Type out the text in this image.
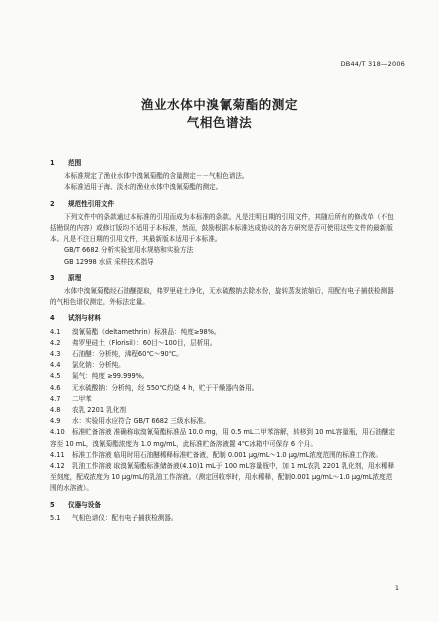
DB44/T 318—2006
渔业水体中溴氰菊酯的测定
气相色谱法
1 范围
本标准规定了渔业水体中溴氰菊酯的含量测定－－气相色谱法。
本标准适用于海、淡水的渔业水体中溴氰菊酯的测定。
2 规范性引用文件
下列文件中的条款通过本标准的引用而成为本标准的条款。凡是注明日期的引用文件，其随后所有的修改单（不包括勘误的内容）或修订版均不适用于本标准，然而，鼓励根据本标准达成协议的各方研究是否可使用这些文件的最新版本。凡是不注日期的引用文件，其最新版本适用于本标准。
GB/T 6682 分析实验室用水规格和实验方法
GB 12998 水质 采样技术指导
3 原理
水体中溴氰菊酯经石油醚提取，弗罗里硅土净化，无水硫酸钠去除水份，旋转蒸发浓缩后，用配有电子捕获检测器的气相色谱仪测定，外标法定量。
4 试剂与材料
4.1 溴氰菊酯（deltamethrin）标准品：纯度≥98%。
4.2 弗罗里硅土（Florisil）：60目～100目，层析用。
4.3 石油醚：分析纯，沸程60℃～90℃。
4.4 氯化钠：分析纯。
4.5 氮气：纯度 ≥99.999%。
4.6 无水硫酸钠：分析纯，经 550℃灼烧 4 h，贮于干燥器内备用。
4.7 二甲苯
4.8 农乳 2201 乳化剂
4.9 水：实验用水应符合 GB/T 6682 三级水标准。
4.10 标准贮备溶液 准确称取溴氰菊酯标准品 10.0 mg，用 0.5 mL二甲苯溶解，转移到 10 mL容量瓶，用石油醚定容至 10 mL，溴氰菊酯浓度为 1.0 mg/mL，此标准贮备溶液置 4℃冰箱中可保存 6 个月。
4.11 标准工作溶液 临用时用石油醚稀释标准贮备液，配制 0.001 μg/mL～1.0 μg/mL浓度范围的标准工作液。
4.12 乳油工作溶液 取溴氰菊酯标准储备液(4.10)1 mL于 100 mL容量瓶中，加 1 mL农乳 2201 乳化剂，用水稀释至刻度，配成浓度为 10 μg/mL的乳油工作溶液。（测定回收率时，用水稀释，配制0.001 μg/mL～1.0 μg/mL浓度范围的水溶液）。
5 仪器与设备
5.1 气相色谱仪：配有电子捕获检测器。
1
